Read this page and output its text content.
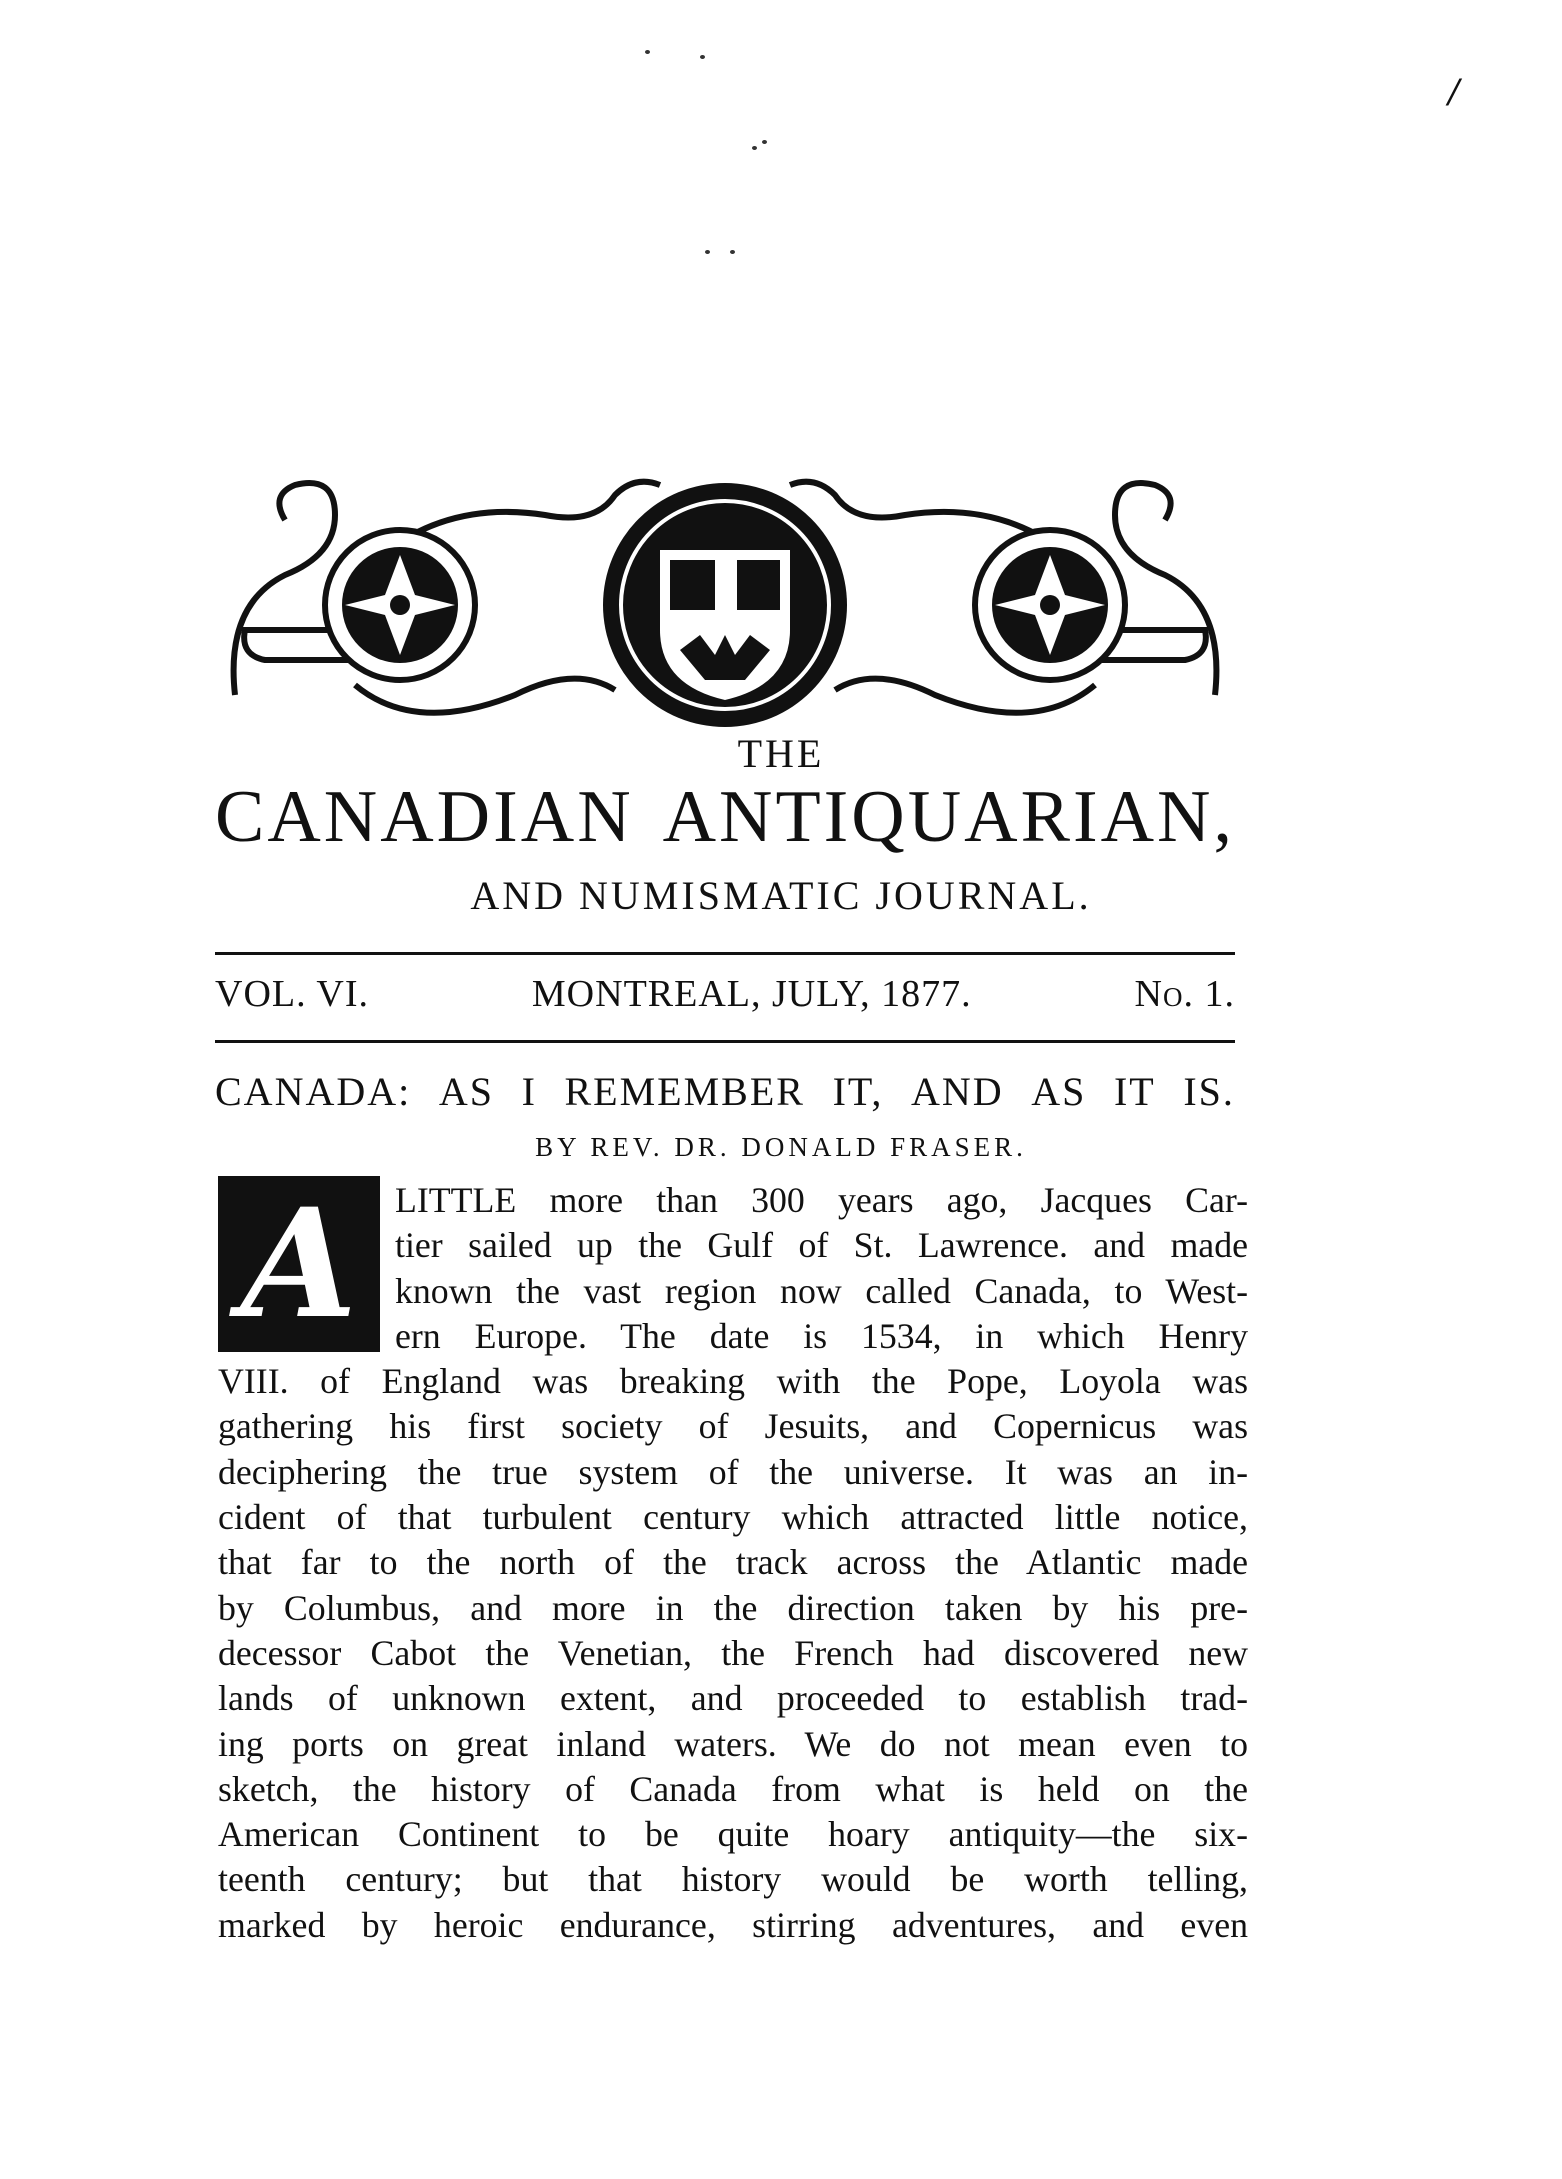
/
THE
CANADIAN ANTIQUARIAN,
AND NUMISMATIC JOURNAL.
VOL. VI.	MONTREAL, JULY, 1877.	No. 1.
CANADA: AS I REMEMBER IT, AND AS IT IS.
BY REV. DR. DONALD FRASER.
A	LITTLE more than 300 years ago, Jacques Car-
tier sailed up the Gulf of St. Lawrence. and made
known the vast region now called Canada, to West-
ern Europe. The date is 1534, in which Henry
VIII. of England was breaking with the Pope, Loyola was
gathering his first society of Jesuits, and Copernicus was
deciphering the true system of the universe. It was an in-
cident of that turbulent century which attracted little notice,
that far to the north of the track across the Atlantic made
by Columbus, and more in the direction taken by his pre-
decessor Cabot the Venetian, the French had discovered new
lands of unknown extent, and proceeded to establish trad-
ing ports on great inland waters. We do not mean even to
sketch, the history of Canada from what is held on the
American Continent to be quite hoary antiquity—the six-
teenth century; but that history would be worth telling,
marked by heroic endurance, stirring adventures, and even
